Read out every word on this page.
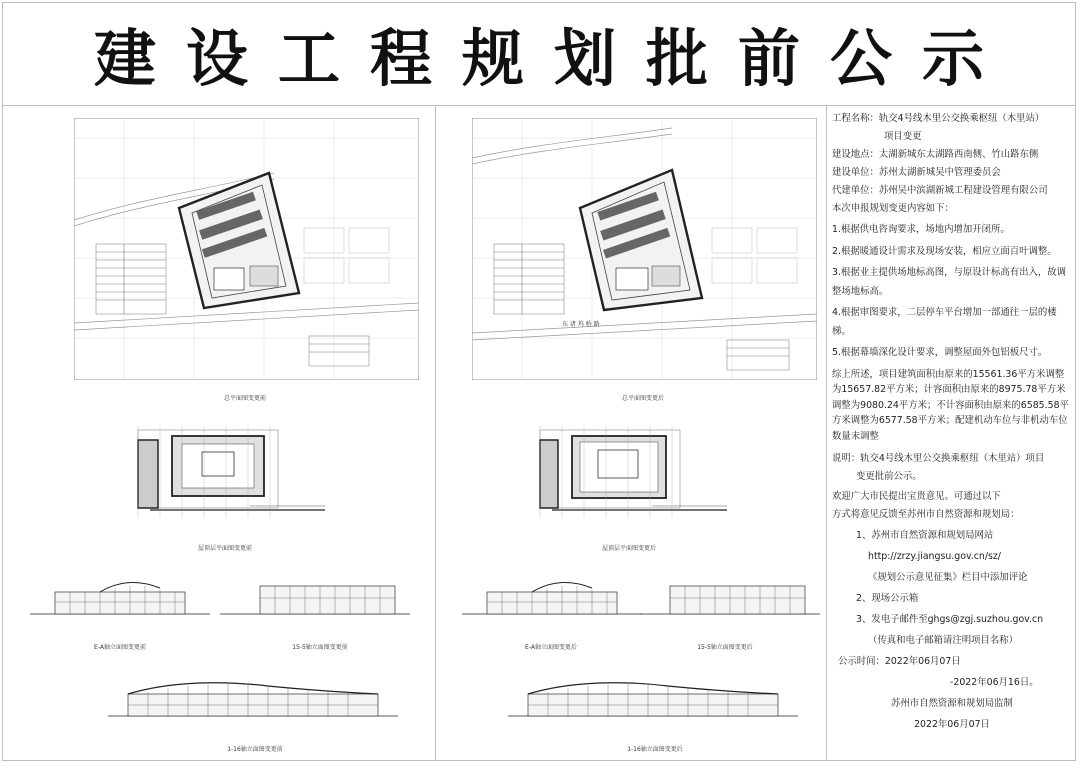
建设工程规划批前公示
总平面图变更前
东 诸 坞 桥 路
总平面图变更后
屋顶层平面图变更前	屋顶层平面图变更后
E-A轴立面图变更前	15-5轴立面图变更前	E-A轴立面图变更后	15-5轴立面图变更后
1-16轴立面图变更前	1-16轴立面图变更后
工程名称：轨交4号线木里公交换乘枢纽（木里站）
项目变更
建设地点：太湖新城东太湖路西南侧、竹山路东侧
建设单位：苏州太湖新城吴中管理委员会
代建单位：苏州吴中滨湖新城工程建设管理有限公司
本次申报规划变更内容如下：
1.根据供电咨询要求，场地内增加开闭所。
2.根据暖通设计需求及现场安装，相应立面百叶调整。
3.根据业主提供场地标高图，与原设计标高有出入，故调整场地标高。
4.根据审图要求，二层停车平台增加一部通往一层的楼梯。
5.根据幕墙深化设计要求，调整屋面外包铝板尺寸。
综上所述，项目建筑面积由原来的15561.36平方米调整为15657.82平方米；计容面积由原来的8975.78平方米调整为9080.24平方米；不计容面积由原来的6585.58平方米调整为6577.58平方米；配建机动车位与非机动车位数量未调整
说明：轨交4号线木里公交换乘枢纽（木里站）项目
变更批前公示。
欢迎广大市民提出宝贵意见。可通过以下
方式将意见反馈至苏州市自然资源和规划局：
1、苏州市自然资源和规划局网站
http://zrzy.jiangsu.gov.cn/sz/
《规划公示意见征集》栏目中添加评论
2、现场公示箱
3、发电子邮件至ghgs@zgj.suzhou.gov.cn
（传真和电子邮箱请注明项目名称）
公示时间：2022年06月07日
-2022年06月16日。
苏州市自然资源和规划局监制
2022年06月07日
